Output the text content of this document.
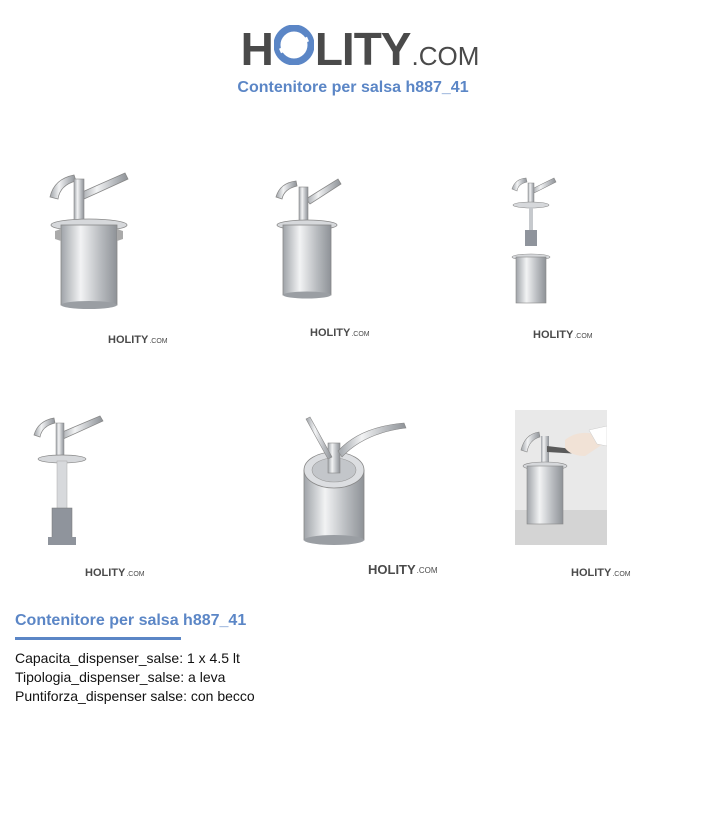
H LITY .COM
Contenitore per salsa h887_41
HOLITY .COM
HOLITY .COM	HOLITY .COM
HOLITY .COM	HOLITY .COM	HOLITY .COM
Contenitore per salsa h887_41
Capacita_dispenser_salse: 1 x 4.5 lt
Tipologia_dispenser_salse: a leva
Puntiforza_dispenser salse: con becco
